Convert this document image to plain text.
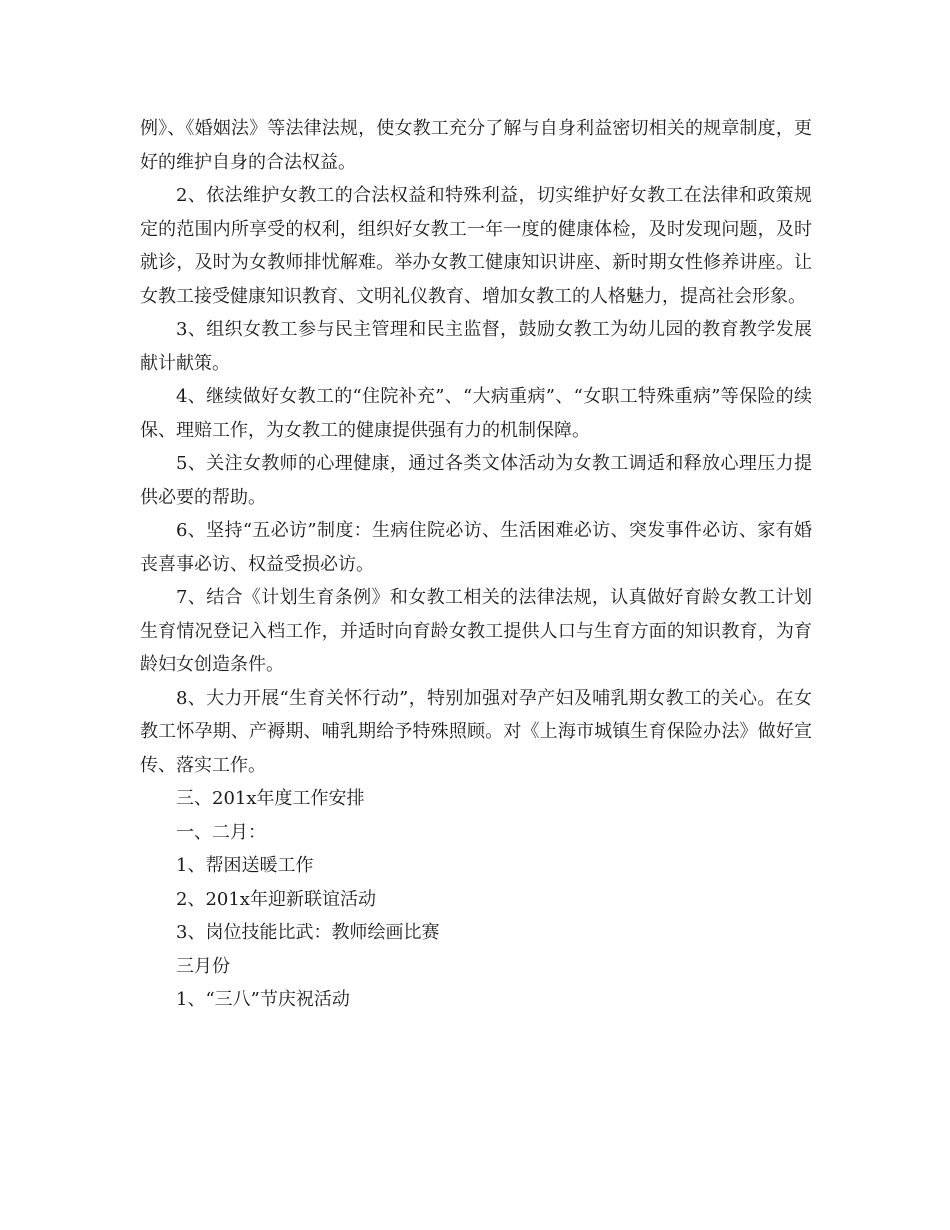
例》、《婚姻法》等法律法规，使女教工充分了解与自身利益密切相关的规章制度，更好的维护自身的合法权益。

2、依法维护女教工的合法权益和特殊利益，切实维护好女教工在法律和政策规定的范围内所享受的权利，组织好女教工一年一度的健康体检，及时发现问题，及时就诊，及时为女教师排忧解难。举办女教工健康知识讲座、新时期女性修养讲座。让女教工接受健康知识教育、文明礼仪教育、增加女教工的人格魅力，提高社会形象。

3、组织女教工参与民主管理和民主监督，鼓励女教工为幼儿园的教育教学发展献计献策。

4、继续做好女教工的“住院补充”、“大病重病”、“女职工特殊重病”等保险的续保、理赔工作，为女教工的健康提供强有力的机制保障。

5、关注女教师的心理健康，通过各类文体活动为女教工调适和释放心理压力提供必要的帮助。

6、坚持“五必访”制度：生病住院必访、生活困难必访、突发事件必访、家有婚丧喜事必访、权益受损必访。

7、结合《计划生育条例》和女教工相关的法律法规，认真做好育龄女教工计划生育情况登记入档工作，并适时向育龄女教工提供人口与生育方面的知识教育，为育龄妇女创造条件。

8、大力开展“生育关怀行动”，特别加强对孕产妇及哺乳期女教工的关心。在女教工怀孕期、产褥期、哺乳期给予特殊照顾。对《上海市城镇生育保险办法》做好宣传、落实工作。

三、201x年度工作安排

一、二月：

1、帮困送暖工作

2、201x年迎新联谊活动

3、岗位技能比武：教师绘画比赛

三月份

1、“三八”节庆祝活动
